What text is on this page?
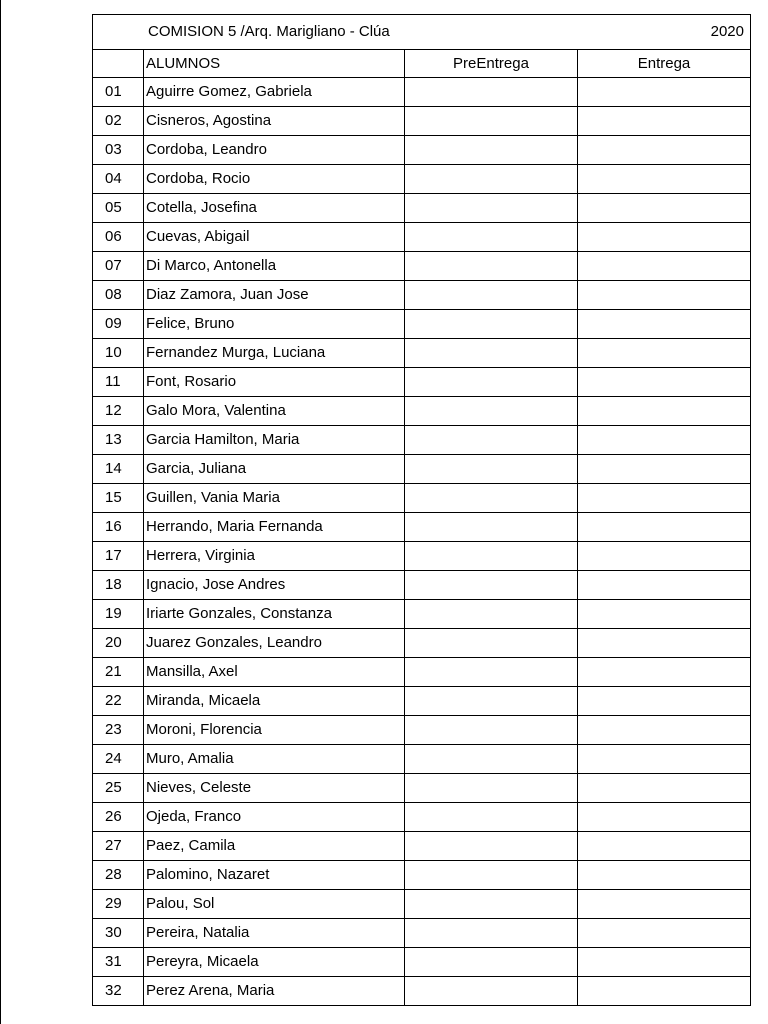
COMISION 5 /Arq. Marigliano - Clúa 2020			

	ALUMNOS	PreEntrega	Entrega
01	Aguirre Gomez, Gabriela		
02	Cisneros, Agostina		
03	Cordoba, Leandro		
04	Cordoba, Rocio		
05	Cotella, Josefina		
06	Cuevas, Abigail		
07	Di Marco, Antonella		
08	Diaz Zamora, Juan Jose		
09	Felice, Bruno		
10	Fernandez Murga, Luciana		
11	Font, Rosario		
12	Galo Mora, Valentina		
13	Garcia Hamilton, Maria		
14	Garcia, Juliana		
15	Guillen, Vania Maria		
16	Herrando, Maria Fernanda		
17	Herrera, Virginia		
18	Ignacio, Jose Andres		
19	Iriarte Gonzales, Constanza		
20	Juarez Gonzales, Leandro		
21	Mansilla, Axel		
22	Miranda, Micaela		
23	Moroni, Florencia		
24	Muro, Amalia		
25	Nieves, Celeste		
26	Ojeda, Franco		
27	Paez, Camila		
28	Palomino, Nazaret		
29	Palou, Sol		
30	Pereira, Natalia		
31	Pereyra, Micaela		
32	Perez Arena, Maria		
